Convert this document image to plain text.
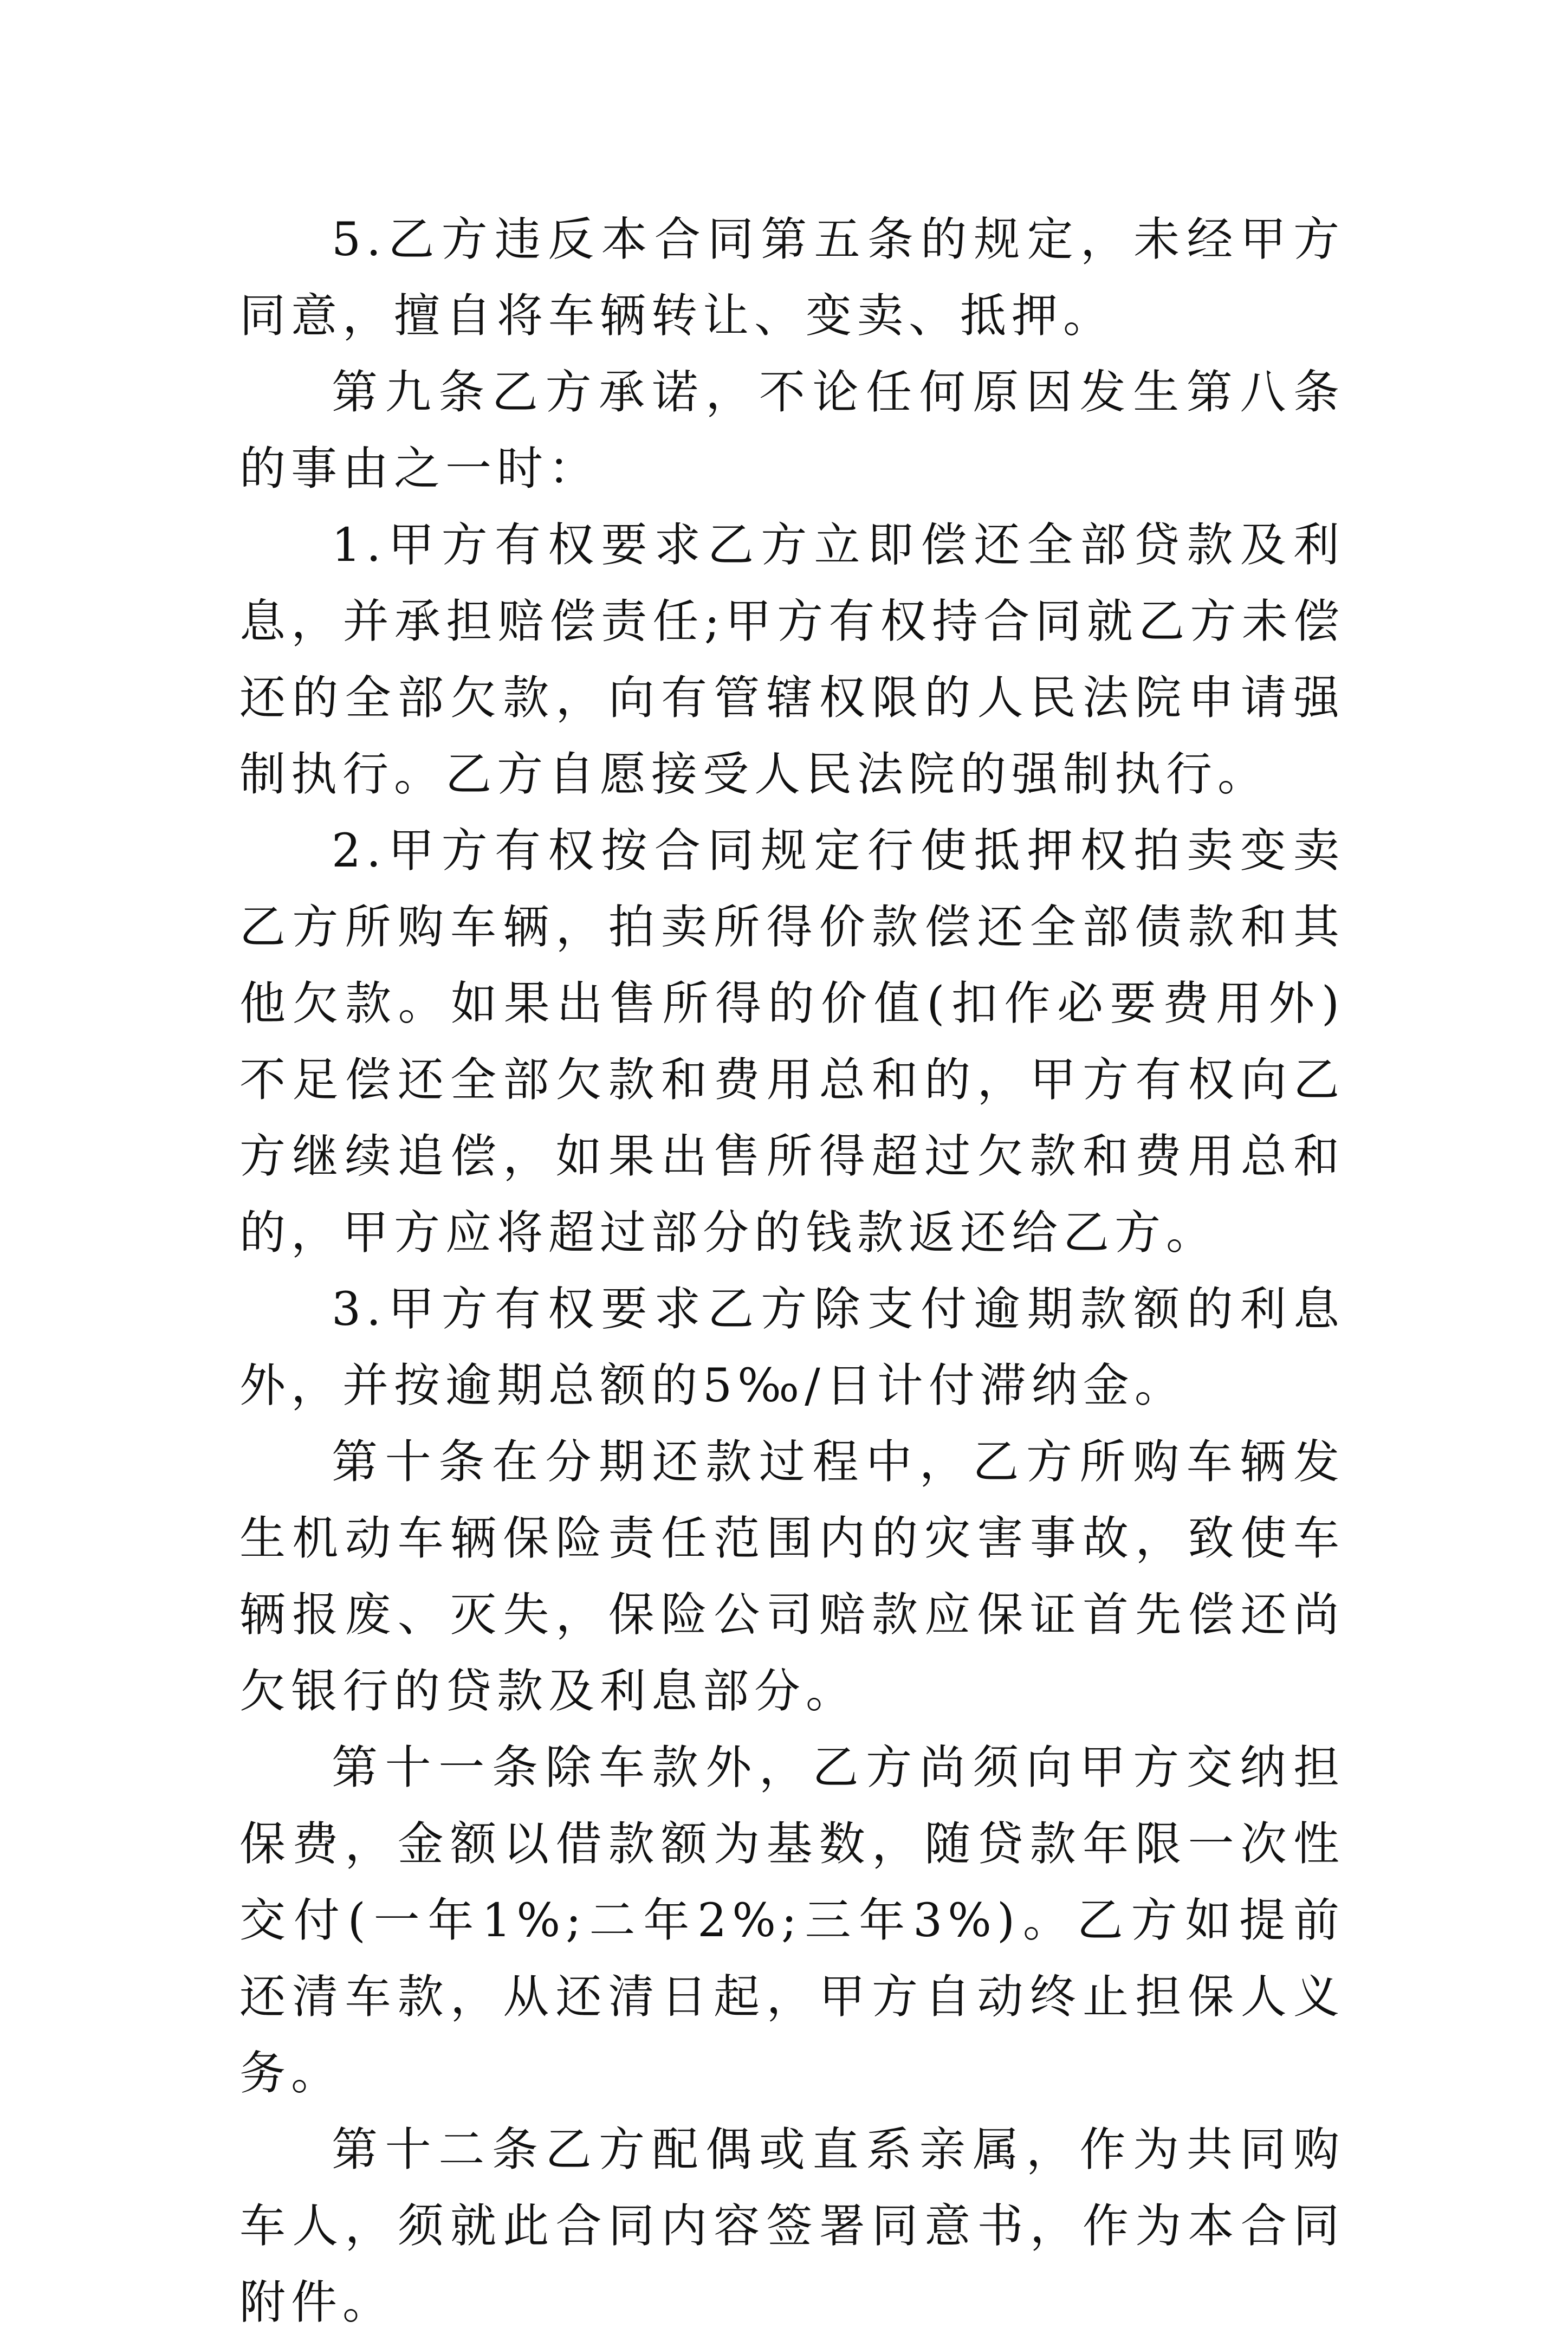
5.乙方违反本合同第五条的规定，未经甲方同意，擅自将车辆转让、变卖、抵押。

第九条乙方承诺，不论任何原因发生第八条的事由之一时：

1.甲方有权要求乙方立即偿还全部贷款及利息，并承担赔偿责任;甲方有权持合同就乙方未偿还的全部欠款，向有管辖权限的人民法院申请强制执行。乙方自愿接受人民法院的强制执行。

2.甲方有权按合同规定行使抵押权拍卖变卖乙方所购车辆，拍卖所得价款偿还全部债款和其他欠款。如果出售所得的价值(扣作必要费用外)不足偿还全部欠款和费用总和的，甲方有权向乙方继续追偿，如果出售所得超过欠款和费用总和的，甲方应将超过部分的钱款返还给乙方。

3.甲方有权要求乙方除支付逾期款额的利息外，并按逾期总额的5‰/日计付滞纳金。

第十条在分期还款过程中，乙方所购车辆发生机动车辆保险责任范围内的灾害事故，致使车辆报废、灭失，保险公司赔款应保证首先偿还尚欠银行的贷款及利息部分。

第十一条除车款外，乙方尚须向甲方交纳担保费，金额以借款额为基数，随贷款年限一次性交付(一年1%;二年2%;三年3%)。乙方如提前还清车款，从还清日起，甲方自动终止担保人义务。

第十二条乙方配偶或直系亲属，作为共同购车人，须就此合同内容签署同意书，作为本合同附件。
